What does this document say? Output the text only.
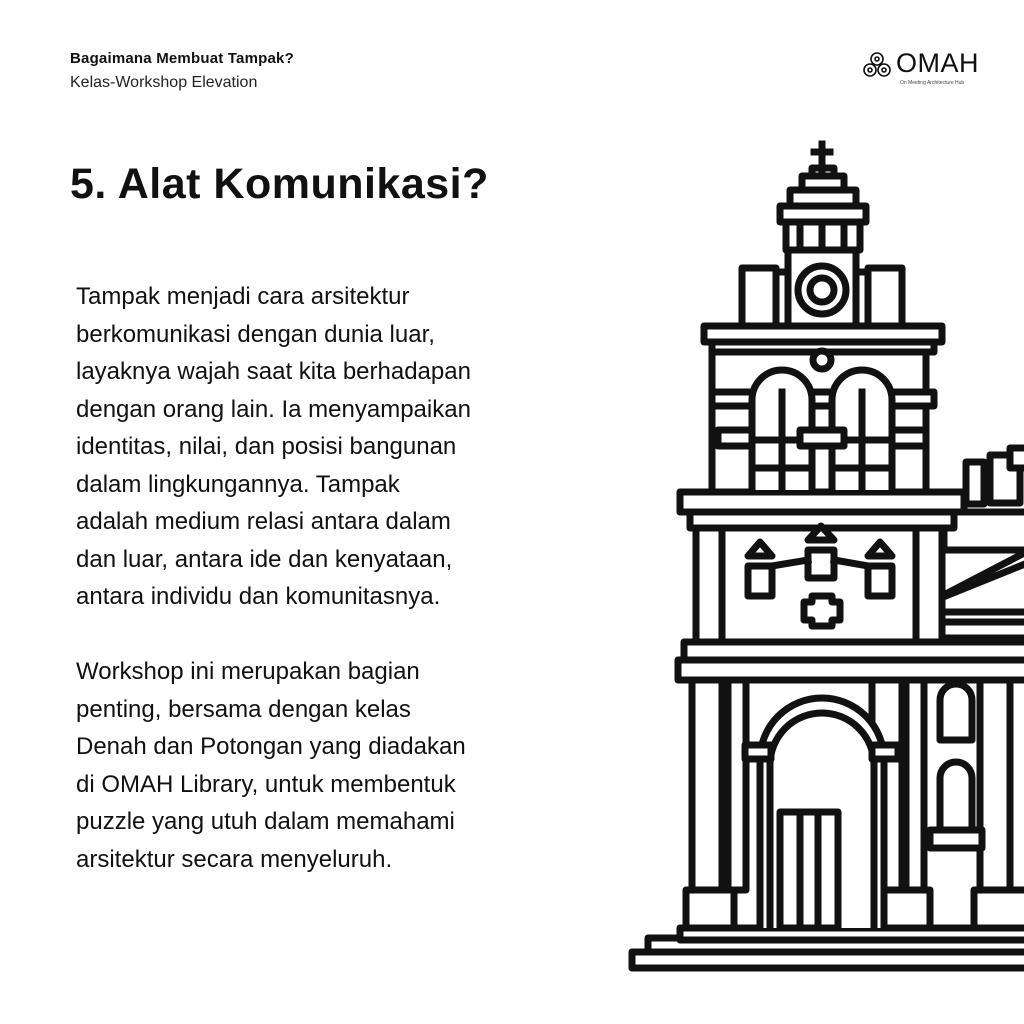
Bagaimana Membuat Tampak?
Kelas-Workshop Elevation
OMAH
On Meeting Architecture Hub
5. Alat Komunikasi?

Tampak menjadi cara arsitektur
berkomunikasi dengan dunia luar,
layaknya wajah saat kita berhadapan
dengan orang lain. Ia menyampaikan
identitas, nilai, dan posisi bangunan
dalam lingkungannya. Tampak
adalah medium relasi antara dalam
dan luar, antara ide dan kenyataan,
antara individu dan komunitasnya.

Workshop ini merupakan bagian
penting, bersama dengan kelas
Denah dan Potongan yang diadakan
di OMAH Library, untuk membentuk
puzzle yang utuh dalam memahami
arsitektur secara menyeluruh.
